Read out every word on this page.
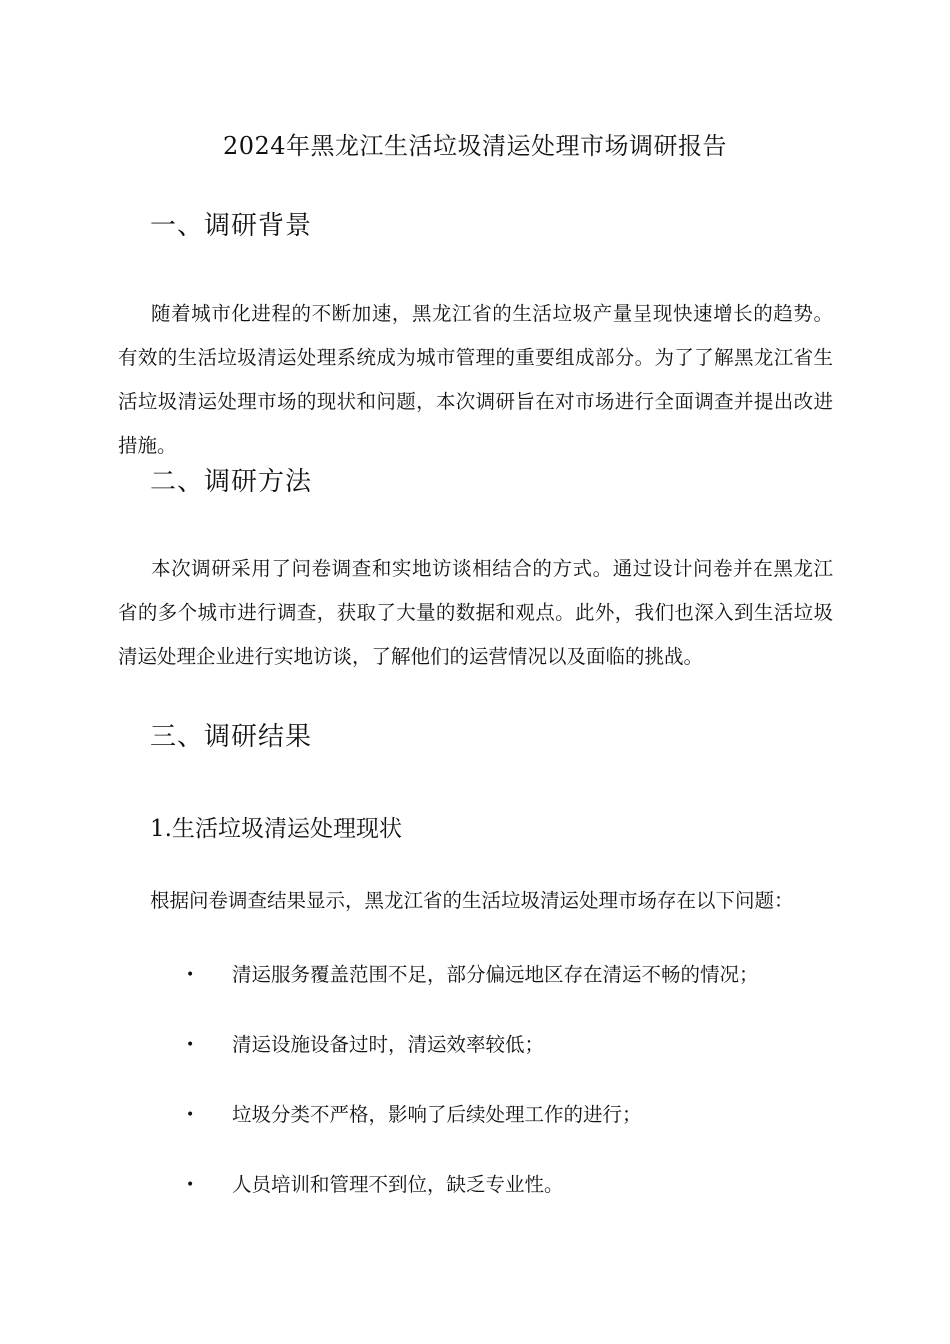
2024年黑龙江生活垃圾清运处理市场调研报告
一、调研背景

随着城市化进程的不断加速，黑龙江省的生活垃圾产量呈现快速增长的趋势。有效的生活垃圾清运处理系统成为城市管理的重要组成部分。为了了解黑龙江省生活垃圾清运处理市场的现状和问题，本次调研旨在对市场进行全面调查并提出改进措施。

二、调研方法

本次调研采用了问卷调查和实地访谈相结合的方式。通过设计问卷并在黑龙江省的多个城市进行调查，获取了大量的数据和观点。此外，我们也深入到生活垃圾清运处理企业进行实地访谈，了解他们的运营情况以及面临的挑战。

三、调研结果
1.生活垃圾清运处理现状
根据问卷调查结果显示，黑龙江省的生活垃圾清运处理市场存在以下问题：
• 清运服务覆盖范围不足，部分偏远地区存在清运不畅的情况；
• 清运设施设备过时，清运效率较低；
• 垃圾分类不严格，影响了后续处理工作的进行；
• 人员培训和管理不到位，缺乏专业性。
